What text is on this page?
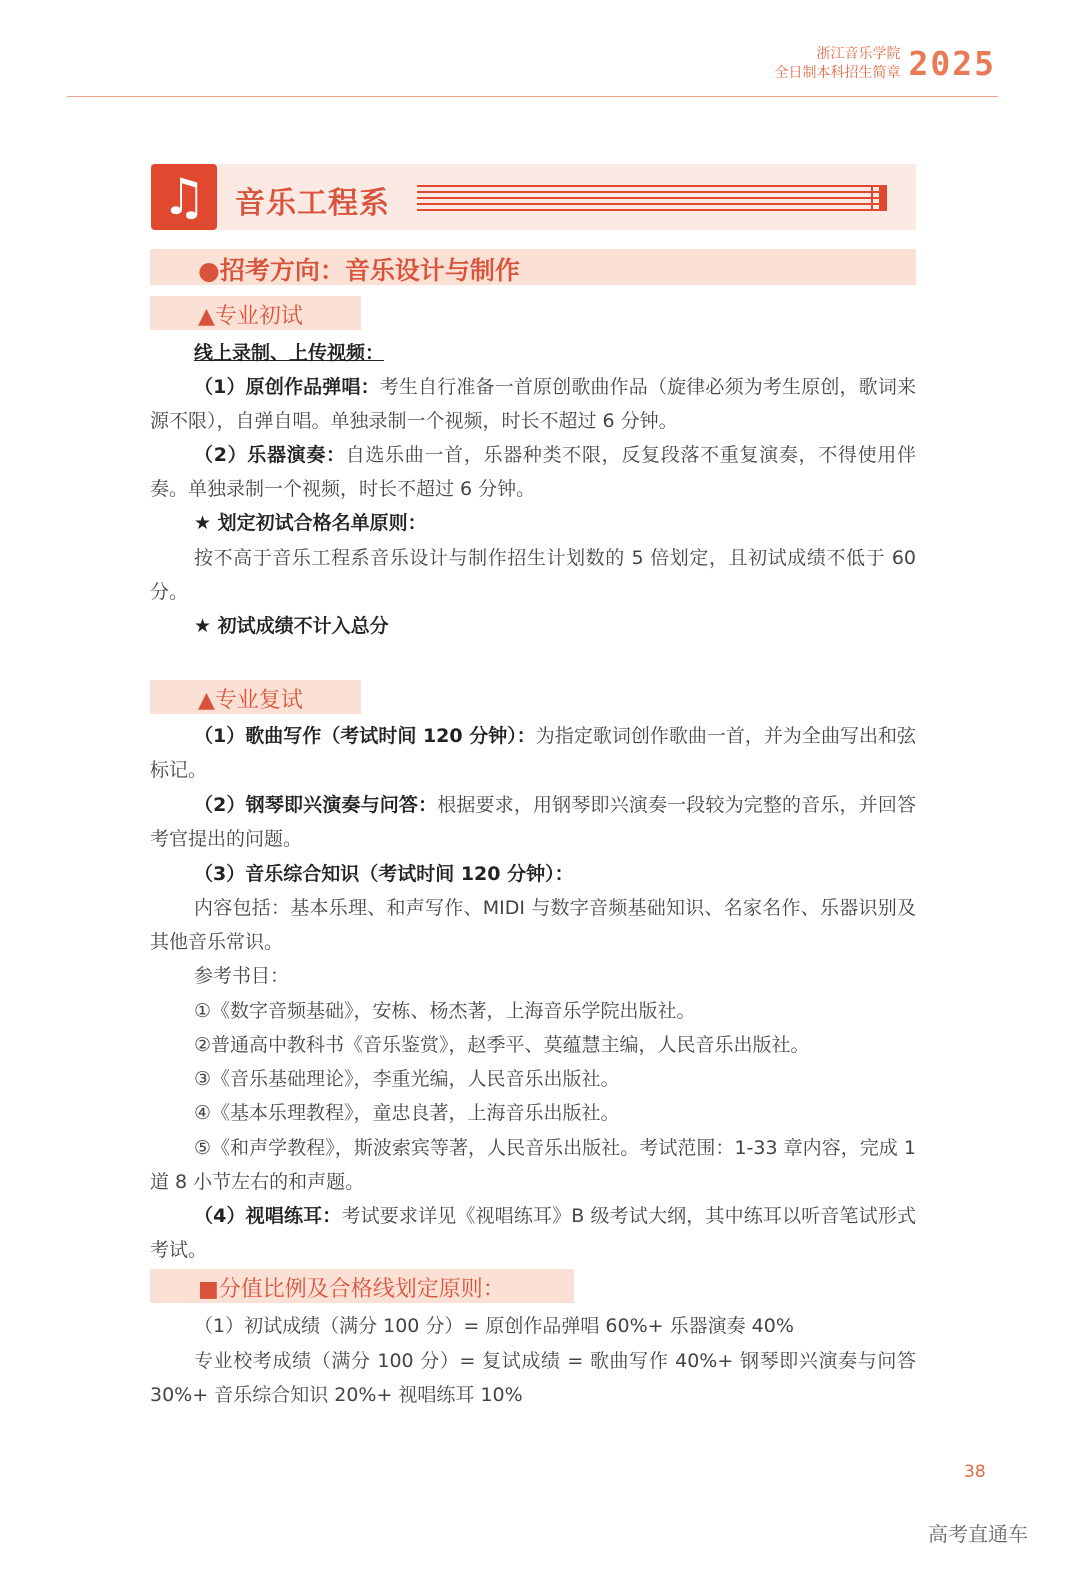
浙江音乐学院
全日制本科招生简章 2025
♫ 音乐工程系
●招考方向：音乐设计与制作
▲专业初试

线上录制、上传视频：

（1）原创作品弹唱：考生自行准备一首原创歌曲作品（旋律必须为考生原创，歌词来源不限），自弹自唱。单独录制一个视频，时长不超过 6 分钟。

（2）乐器演奏：自选乐曲一首，乐器种类不限，反复段落不重复演奏，不得使用伴奏。单独录制一个视频，时长不超过 6 分钟。

★ 划定初试合格名单原则：

按不高于音乐工程系音乐设计与制作招生计划数的 5 倍划定，且初试成绩不低于 60 分。

★ 初试成绩不计入总分

▲专业复试

（1）歌曲写作（考试时间 120 分钟）：为指定歌词创作歌曲一首，并为全曲写出和弦标记。

（2）钢琴即兴演奏与问答：根据要求，用钢琴即兴演奏一段较为完整的音乐，并回答考官提出的问题。

（3）音乐综合知识（考试时间 120 分钟）：

内容包括：基本乐理、和声写作、MIDI 与数字音频基础知识、名家名作、乐器识别及其他音乐常识。

参考书目：

①《数字音频基础》，安栋、杨杰著，上海音乐学院出版社。

②普通高中教科书《音乐鉴赏》，赵季平、莫蕴慧主编，人民音乐出版社。

③《音乐基础理论》，李重光编，人民音乐出版社。

④《基本乐理教程》，童忠良著，上海音乐出版社。

⑤《和声学教程》，斯波索宾等著，人民音乐出版社。考试范围：1-33 章内容，完成 1 道 8 小节左右的和声题。

（4）视唱练耳：考试要求详见《视唱练耳》B 级考试大纲，其中练耳以听音笔试形式考试。

■分值比例及合格线划定原则：

（1）初试成绩（满分 100 分）= 原创作品弹唱 60%+ 乐器演奏 40%

专业校考成绩（满分 100 分）= 复试成绩 = 歌曲写作 40%+ 钢琴即兴演奏与问答 30%+ 音乐综合知识 20%+ 视唱练耳 10%

38
高考直通车
